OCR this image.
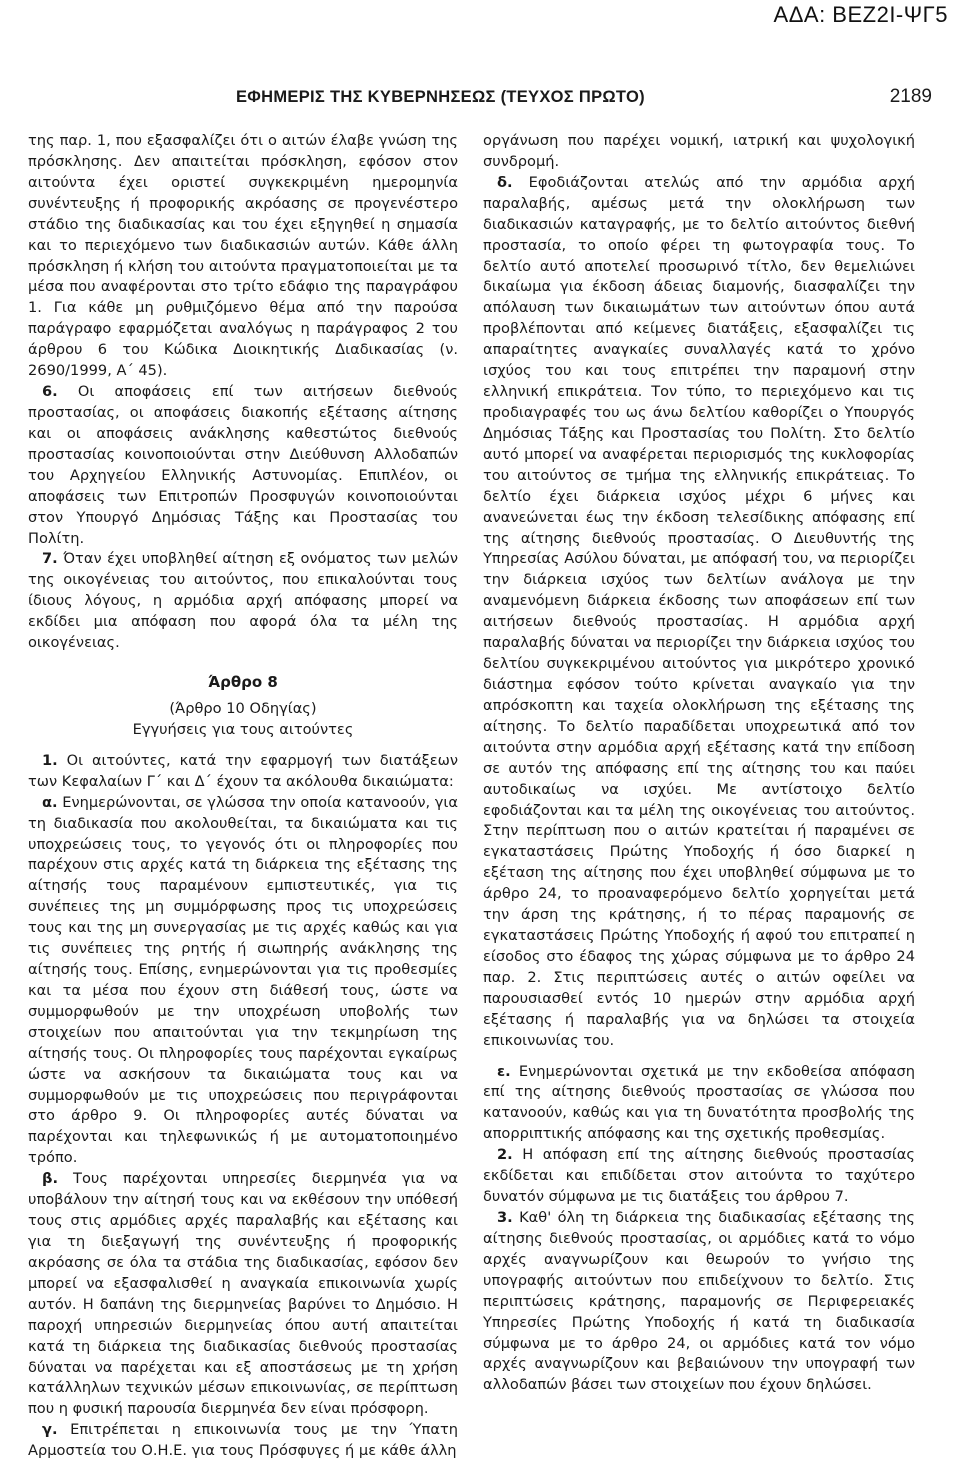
ΑΔΑ: ΒΕΖ2Ι-ΨΓ5
ΕΦΗΜΕΡΙΣ ΤΗΣ ΚΥΒΕΡΝΗΣΕΩΣ (ΤΕΥΧΟΣ ΠΡΩΤΟ)	2189

της παρ. 1, που εξασφαλίζει ότι ο αιτών έλαβε γνώση της πρόσκλησης. Δεν απαιτείται πρόσκληση, εφόσον στον αιτούντα έχει οριστεί συγκεκριμένη ημερομηνία συνέντευξης ή προφορικής ακρόασης σε προγενέστερο στάδιο της διαδικασίας και του έχει εξηγηθεί η σημασία και το περιεχόμενο των διαδικασιών αυτών. Κάθε άλλη πρόσκληση ή κλήση του αιτούντα πραγματοποιείται με τα μέσα που αναφέρονται στο τρίτο εδάφιο της παραγράφου 1. Για κάθε μη ρυθμιζόμενο θέμα από την παρούσα παράγραφο εφαρμόζεται αναλόγως η παράγραφος 2 του άρθρου 6 του Κώδικα Διοικητικής Διαδικασίας (ν. 2690/1999, Α΄ 45).

6. Οι αποφάσεις επί των αιτήσεων διεθνούς προστασίας, οι αποφάσεις διακοπής εξέτασης αίτησης και οι αποφάσεις ανάκλησης καθεστώτος διεθνούς προστασίας κοινοποιούνται στην Διεύθυνση Αλλοδαπών του Αρχηγείου Ελληνικής Αστυνομίας. Επιπλέον, οι αποφάσεις των Επιτροπών Προσφυγών κοινοποιούνται στον Υπουργό Δημόσιας Τάξης και Προστασίας του Πολίτη.

7. Όταν έχει υποβληθεί αίτηση εξ ονόματος των μελών της οικογένειας του αιτούντος, που επικαλούνται τους ίδιους λόγους, η αρμόδια αρχή απόφασης μπορεί να εκδίδει μια απόφαση που αφορά όλα τα μέλη της οικογένειας.

Άρθρο 8

(Άρθρο 10 Οδηγίας)

Εγγυήσεις για τους αιτούντες

1. Οι αιτούντες, κατά την εφαρμογή των διατάξεων των Κεφαλαίων Γ΄ και Δ΄ έχουν τα ακόλουθα δικαιώματα:

α. Ενημερώνονται, σε γλώσσα την οποία κατανοούν, για τη διαδικασία που ακολουθείται, τα δικαιώματα και τις υποχρεώσεις τους, το γεγονός ότι οι πληροφορίες που παρέχουν στις αρχές κατά τη διάρκεια της εξέτασης της αίτησής τους παραμένουν εμπιστευτικές, για τις συνέπειες της μη συμμόρφωσης προς τις υποχρεώσεις τους και της μη συνεργασίας με τις αρχές καθώς και για τις συνέπειες της ρητής ή σιωπηρής ανάκλησης της αίτησής τους. Επίσης, ενημερώνονται για τις προθεσμίες και τα μέσα που έχουν στη διάθεσή τους, ώστε να συμμορφωθούν με την υποχρέωση υποβολής των στοιχείων που απαιτούνται για την τεκμηρίωση της αίτησής τους. Οι πληροφορίες τους παρέχονται εγκαίρως ώστε να ασκήσουν τα δικαιώματα τους και να συμμορφωθούν με τις υποχρεώσεις που περιγράφονται στο άρθρο 9. Οι πληροφορίες αυτές δύναται να παρέχονται και τηλεφωνικώς ή με αυτοματοποιημένο τρόπο.

β. Τους παρέχονται υπηρεσίες διερμηνέα για να υποβάλουν την αίτησή τους και να εκθέσουν την υπόθεσή τους στις αρμόδιες αρχές παραλαβής και εξέτασης και για τη διεξαγωγή της συνέντευξης ή προφορικής ακρόασης σε όλα τα στάδια της διαδικασίας, εφόσον δεν μπορεί να εξασφαλισθεί η αναγκαία επικοινωνία χωρίς αυτόν. Η δαπάνη της διερμηνείας βαρύνει το Δημόσιο. Η παροχή υπηρεσιών διερμηνείας όπου αυτή απαιτείται κατά τη διάρκεια της διαδικασίας διεθνούς προστασίας δύναται να παρέχεται και εξ αποστάσεως με τη χρήση κατάλληλων τεχνικών μέσων επικοινωνίας, σε περίπτωση που η φυσική παρουσία διερμηνέα δεν είναι πρόσφορη.

γ. Επιτρέπεται η επικοινωνία τους με την Ύπατη Αρμοστεία του Ο.Η.Ε. για τους Πρόσφυγες ή με κάθε άλλη

οργάνωση που παρέχει νομική, ιατρική και ψυχολογική συνδρομή.

δ. Εφοδιάζονται ατελώς από την αρμόδια αρχή παραλαβής, αμέσως μετά την ολοκλήρωση των διαδικασιών καταγραφής, με το δελτίο αιτούντος διεθνή προστασία, το οποίο φέρει τη φωτογραφία τους. Το δελτίο αυτό αποτελεί προσωρινό τίτλο, δεν θεμελιώνει δικαίωμα για έκδοση άδειας διαμονής, διασφαλίζει την απόλαυση των δικαιωμάτων των αιτούντων όπου αυτά προβλέπονται από κείμενες διατάξεις, εξασφαλίζει τις απαραίτητες αναγκαίες συναλλαγές κατά το χρόνο ισχύος του και τους επιτρέπει την παραμονή στην ελληνική επικράτεια. Τον τύπο, το περιεχόμενο και τις προδιαγραφές του ως άνω δελτίου καθορίζει ο Υπουργός Δημόσιας Τάξης και Προστασίας του Πολίτη. Στο δελτίο αυτό μπορεί να αναφέρεται περιορισμός της κυκλοφορίας του αιτούντος σε τμήμα της ελληνικής επικράτειας. Το δελτίο έχει διάρκεια ισχύος μέχρι 6 μήνες και ανανεώνεται έως την έκδοση τελεσίδικης απόφασης επί της αίτησης διεθνούς προστασίας. Ο Διευθυντής της Υπηρεσίας Ασύλου δύναται, με απόφασή του, να περιορίζει την διάρκεια ισχύος των δελτίων ανάλογα με την αναμενόμενη διάρκεια έκδοσης των αποφάσεων επί των αιτήσεων διεθνούς προστασίας. Η αρμόδια αρχή παραλαβής δύναται να περιορίζει την διάρκεια ισχύος του δελτίου συγκεκριμένου αιτούντος για μικρότερο χρονικό διάστημα εφόσον τούτο κρίνεται αναγκαίο για την απρόσκοπτη και ταχεία ολοκλήρωση της εξέτασης της αίτησης. Το δελτίο παραδίδεται υποχρεωτικά από τον αιτούντα στην αρμόδια αρχή εξέτασης κατά την επίδοση σε αυτόν της απόφασης επί της αίτησης του και παύει αυτοδικαίως να ισχύει. Με αντίστοιχο δελτίο εφοδιάζονται και τα μέλη της οικογένειας του αιτούντος. Στην περίπτωση που ο αιτών κρατείται ή παραμένει σε εγκαταστάσεις Πρώτης Υποδοχής ή όσο διαρκεί η εξέταση της αίτησης που έχει υποβληθεί σύμφωνα με το άρθρο 24, το προαναφερόμενο δελτίο χορηγείται μετά την άρση της κράτησης, ή το πέρας παραμονής σε εγκαταστάσεις Πρώτης Υποδοχής ή αφού του επιτραπεί η είσοδος στο έδαφος της χώρας σύμφωνα με το άρθρο 24 παρ. 2. Στις περιπτώσεις αυτές ο αιτών οφείλει να παρουσιασθεί εντός 10 ημερών στην αρμόδια αρχή εξέτασης ή παραλαβής για να δηλώσει τα στοιχεία επικοινωνίας του.

ε. Ενημερώνονται σχετικά με την εκδοθείσα απόφαση επί της αίτησης διεθνούς προστασίας σε γλώσσα που κατανοούν, καθώς και για τη δυνατότητα προσβολής της απορριπτικής απόφασης και της σχετικής προθεσμίας.

2. Η απόφαση επί της αίτησης διεθνούς προστασίας εκδίδεται και επιδίδεται στον αιτούντα το ταχύτερο δυνατόν σύμφωνα με τις διατάξεις του άρθρου 7.

3. Καθ' όλη τη διάρκεια της διαδικασίας εξέτασης της αίτησης διεθνούς προστασίας, οι αρμόδιες κατά το νόμο αρχές αναγνωρίζουν και θεωρούν το γνήσιο της υπογραφής αιτούντων που επιδείχνουν το δελτίο. Στις περιπτώσεις κράτησης, παραμονής σε Περιφερειακές Υπηρεσίες Πρώτης Υποδοχής ή κατά τη διαδικασία σύμφωνα με το άρθρο 24, οι αρμόδιες κατά τον νόμο αρχές αναγνωρίζουν και βεβαιώνουν την υπογραφή των αλλοδαπών βάσει των στοιχείων που έχουν δηλώσει.
